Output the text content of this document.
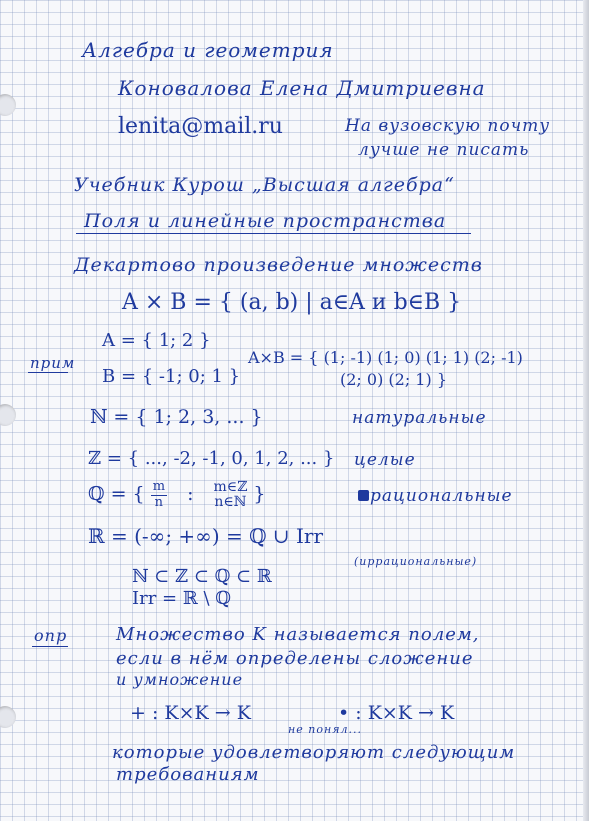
Алгебра и геометрия
Коновалова Елена Дмитриевна
lenita@mail.ru	На вузовскую почту
лучше не писать
Учебник Курош „Высшая алгебра“
Поля и линейные пространства
Декартово произведение множеств
A × B = { (a, b) | a∈A и b∈B }
прим
A = { 1; 2 }
B = { -1; 0; 1 }
A×B = { (1; -1) (1; 0) (1; 1) (2; -1)
(2; 0) (2; 1) }
ℕ = { 1; 2, 3, ... }	натуральные
ℤ = { ..., -2, -1, 0, 1, 2, ... } целые
ℚ = { $\frac{m}{n}$ : m∈ℤ
n∈ℕ }	рациональные
ℝ = (-∞; +∞) = ℚ ∪ Irr
(иррациональные)
ℕ ⊂ ℤ ⊂ ℚ ⊂ ℝ
Irr = ℝ \ ℚ
опр	Множество K называется полем,
если в нём определены сложение
и умножение
+ : K×K → K	• : K×K → K
не понял...
которые удовлетворяют следующим
требованиям
